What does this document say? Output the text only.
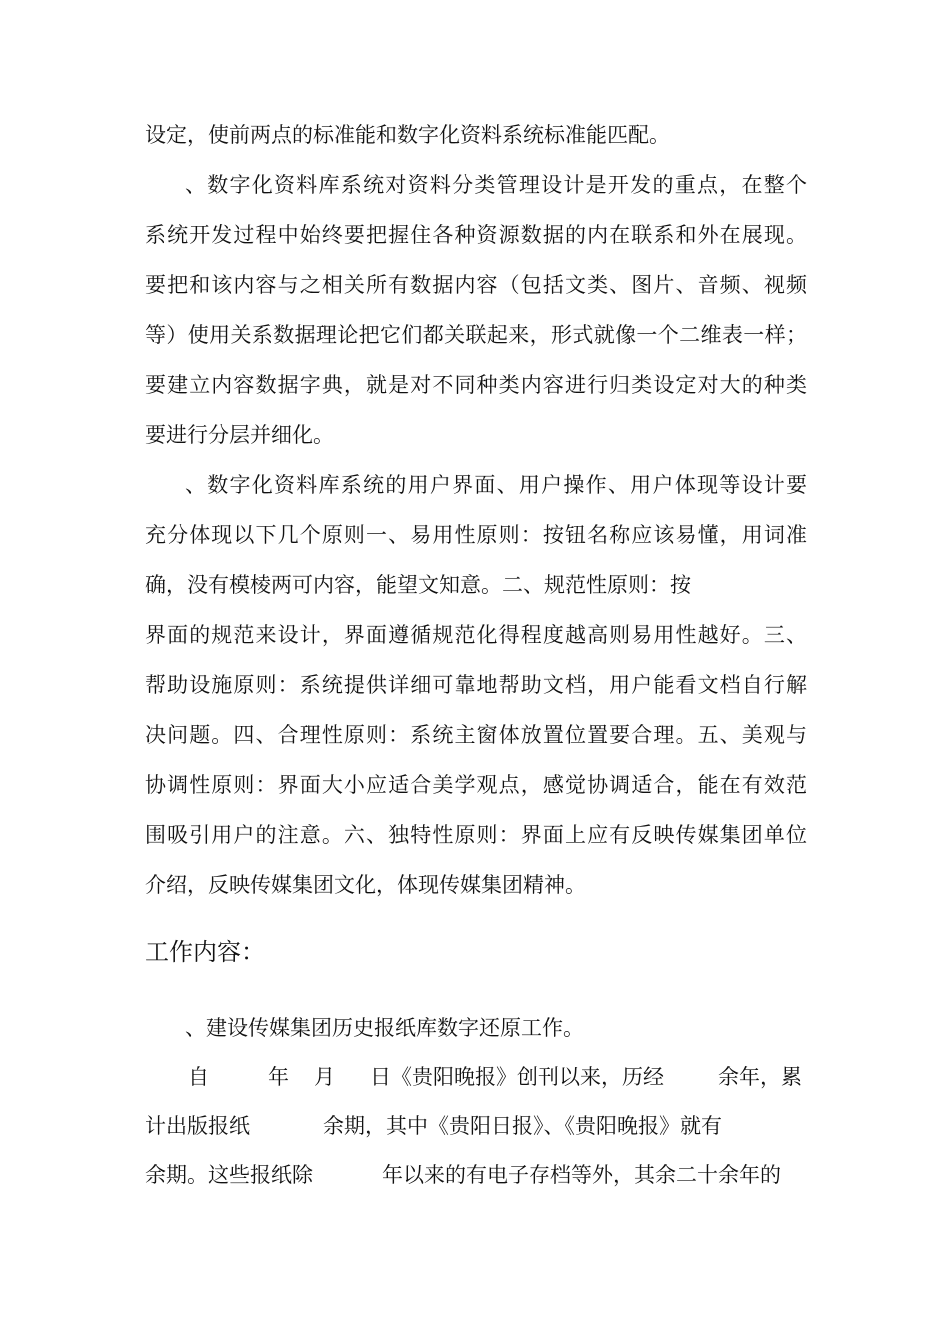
设定，使前两点的标准能和数字化资料系统标准能匹配。
、数字化资料库系统对资料分类管理设计是开发的重点，在整个
系统开发过程中始终要把握住各种资源数据的内在联系和外在展现。
要把和该内容与之相关所有数据内容（包括文类、图片、音频、视频
等）使用关系数据理论把它们都关联起来，形式就像一个二维表一样；
要建立内容数据字典，就是对不同种类内容进行归类设定对大的种类
要进行分层并细化。
、数字化资料库系统的用户界面、用户操作、用户体现等设计要
充分体现以下几个原则一、易用性原则：按钮名称应该易懂，用词准
确，没有模棱两可内容，能望文知意。二、规范性原则：按
界面的规范来设计，界面遵循规范化得程度越高则易用性越好。三、
帮助设施原则：系统提供详细可靠地帮助文档，用户能看文档自行解
决问题。四、合理性原则：系统主窗体放置位置要合理。五、美观与
协调性原则：界面大小应适合美学观点，感觉协调适合，能在有效范
围吸引用户的注意。六、独特性原则：界面上应有反映传媒集团单位
介绍，反映传媒集团文化，体现传媒集团精神。
工作内容：
、建设传媒集团历史报纸库数字还原工作。
自	年 月 日《贵阳晚报》创刊以来，历经	余年，累
计出版报纸	余期，其中《贵阳日报》、《贵阳晚报》就有
余期。这些报纸除	年以来的有电子存档等外，其余二十余年的
